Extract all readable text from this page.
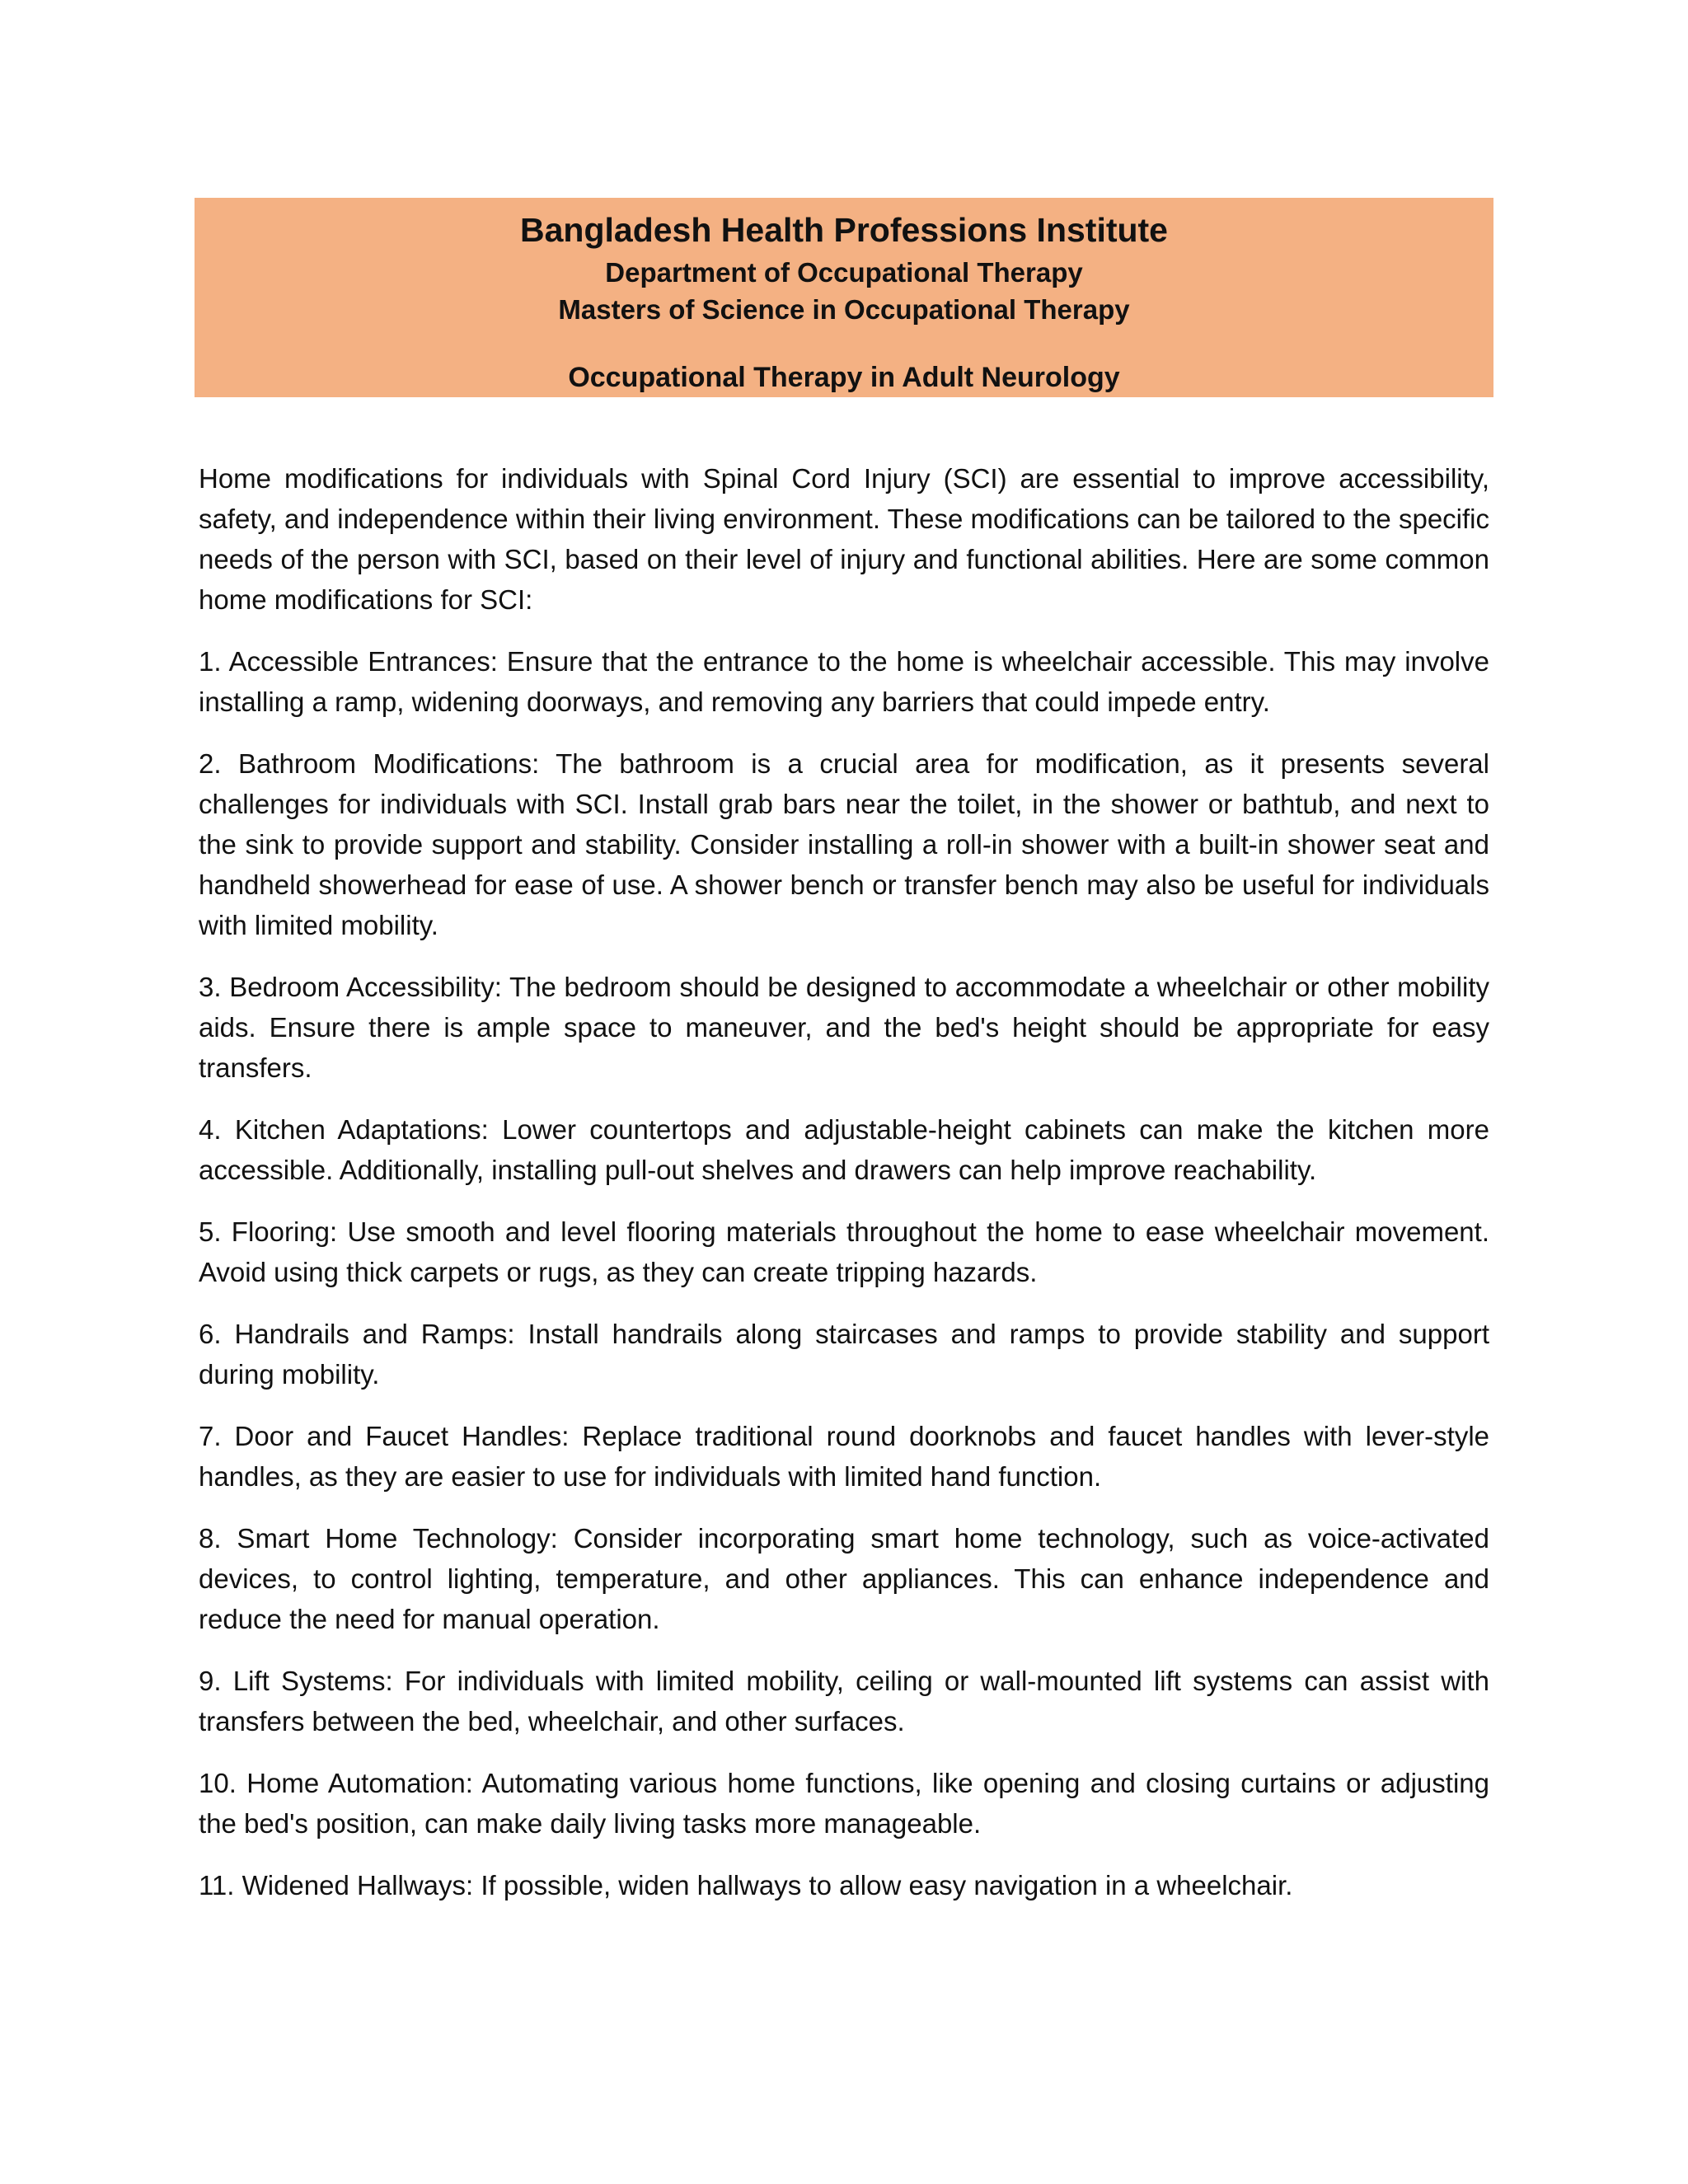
Bangladesh Health Professions Institute

Department of Occupational Therapy

Masters of Science in Occupational Therapy

Occupational Therapy in Adult Neurology

Home modifications for individuals with Spinal Cord Injury (SCI) are essential to improve accessibility, safety, and independence within their living environment. These modifications can be tailored to the specific needs of the person with SCI, based on their level of injury and functional abilities. Here are some common home modifications for SCI:

1. Accessible Entrances: Ensure that the entrance to the home is wheelchair accessible. This may involve installing a ramp, widening doorways, and removing any barriers that could impede entry.

2. Bathroom Modifications: The bathroom is a crucial area for modification, as it presents several challenges for individuals with SCI. Install grab bars near the toilet, in the shower or bathtub, and next to the sink to provide support and stability. Consider installing a roll-in shower with a built-in shower seat and handheld showerhead for ease of use. A shower bench or transfer bench may also be useful for individuals with limited mobility.

3. Bedroom Accessibility: The bedroom should be designed to accommodate a wheelchair or other mobility aids. Ensure there is ample space to maneuver, and the bed's height should be appropriate for easy transfers.

4. Kitchen Adaptations: Lower countertops and adjustable-height cabinets can make the kitchen more accessible. Additionally, installing pull-out shelves and drawers can help improve reachability.

5. Flooring: Use smooth and level flooring materials throughout the home to ease wheelchair movement. Avoid using thick carpets or rugs, as they can create tripping hazards.

6. Handrails and Ramps: Install handrails along staircases and ramps to provide stability and support during mobility.

7. Door and Faucet Handles: Replace traditional round doorknobs and faucet handles with lever-style handles, as they are easier to use for individuals with limited hand function.

8. Smart Home Technology: Consider incorporating smart home technology, such as voice-activated devices, to control lighting, temperature, and other appliances. This can enhance independence and reduce the need for manual operation.

9. Lift Systems: For individuals with limited mobility, ceiling or wall-mounted lift systems can assist with transfers between the bed, wheelchair, and other surfaces.

10. Home Automation: Automating various home functions, like opening and closing curtains or adjusting the bed's position, can make daily living tasks more manageable.

11. Widened Hallways: If possible, widen hallways to allow easy navigation in a wheelchair.
